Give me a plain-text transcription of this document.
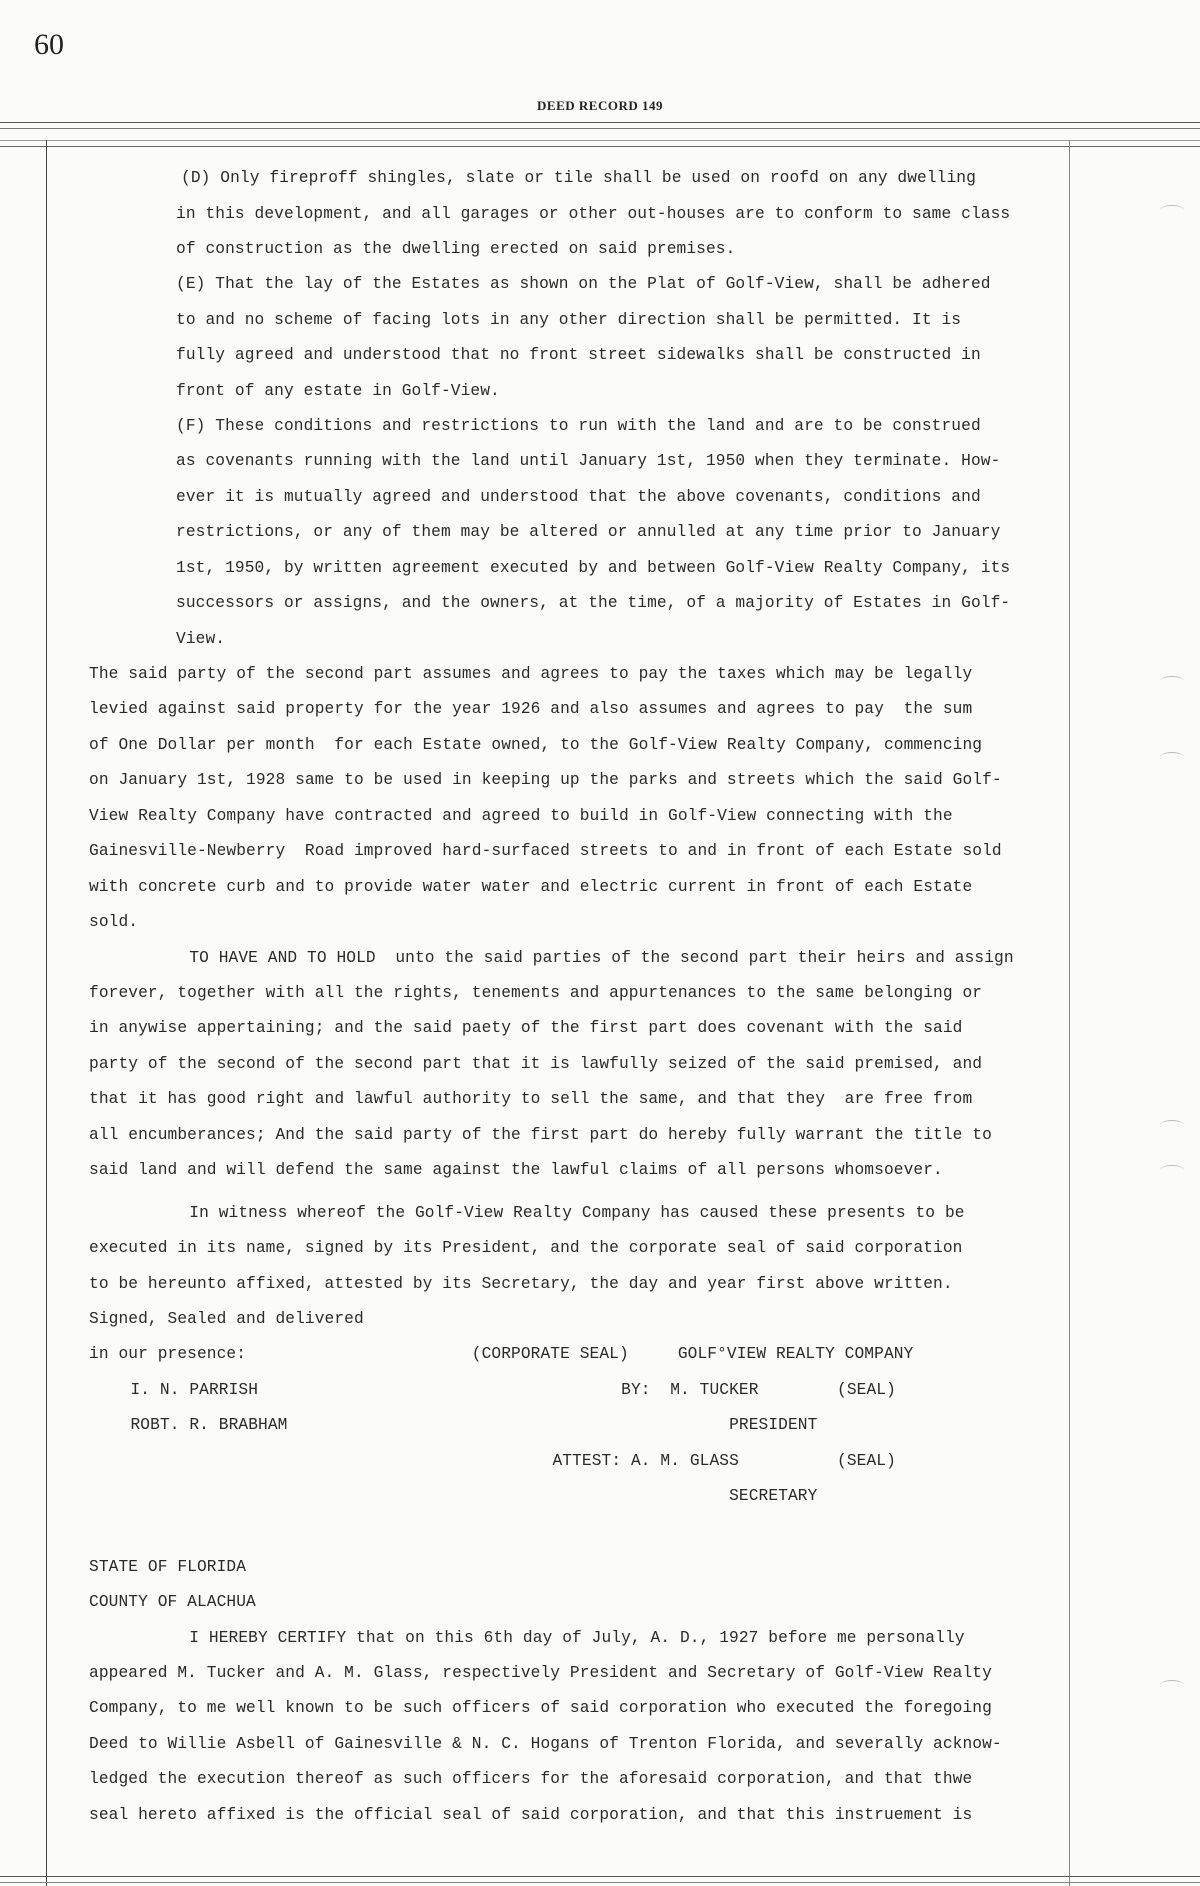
60
DEED RECORD 149
(D) Only fireproff shingles, slate or tile shall be used on roofd on any dwelling
in this development, and all garages or other out-houses are to conform to same class
of construction as the dwelling erected on said premises.
(E) That the lay of the Estates as shown on the Plat of Golf-View, shall be adhered
to and no scheme of facing lots in any other direction shall be permitted. It is
fully agreed and understood that no front street sidewalks shall be constructed in
front of any estate in Golf-View.
(F) These conditions and restrictions to run with the land and are to be construed
as covenants running with the land until January 1st, 1950 when they terminate. How-
ever it is mutually agreed and understood that the above covenants, conditions and
restrictions, or any of them may be altered or annulled at any time prior to January
1st, 1950, by written agreement executed by and between Golf-View Realty Company, its
successors or assigns, and the owners, at the time, of a majority of Estates in Golf-
View.
The said party of the second part assumes and agrees to pay the taxes which may be legally
levied against said property for the year 1926 and also assumes and agrees to pay  the sum
of One Dollar per month  for each Estate owned, to the Golf-View Realty Company, commencing
on January 1st, 1928 same to be used in keeping up the parks and streets which the said Golf-
View Realty Company have contracted and agreed to build in Golf-View connecting with the
Gainesville-Newberry  Road improved hard-surfaced streets to and in front of each Estate sold
with concrete curb and to provide water water and electric current in front of each Estate
sold.
TO HAVE AND TO HOLD  unto the said parties of the second part their heirs and assign
forever, together with all the rights, tenements and appurtenances to the same belonging or
in anywise appertaining; and the said paety of the first part does covenant with the said
party of the second of the second part that it is lawfully seized of the said premised, and
that it has good right and lawful authority to sell the same, and that they  are free from
all encumberances; And the said party of the first part do hereby fully warrant the title to
said land and will defend the same against the lawful claims of all persons whomsoever.
In witness whereof the Golf-View Realty Company has caused these presents to be
executed in its name, signed by its President, and the corporate seal of said corporation
to be hereunto affixed, attested by its Secretary, the day and year first above written.
Signed, Sealed and delivered
in our presence:                       (CORPORATE SEAL)     GOLF°VIEW REALTY COMPANY
I. N. PARRISH                                     BY:  M. TUCKER        (SEAL)
ROBT. R. BRABHAM                                             PRESIDENT
ATTEST: A. M. GLASS          (SEAL)
SECRETARY
STATE OF FLORIDA
COUNTY OF ALACHUA
I HEREBY CERTIFY that on this 6th day of July, A. D., 1927 before me personally
appeared M. Tucker and A. M. Glass, respectively President and Secretary of Golf-View Realty
Company, to me well known to be such officers of said corporation who executed the foregoing
Deed to Willie Asbell of Gainesville & N. C. Hogans of Trenton Florida, and severally acknow-
ledged the execution thereof as such officers for the aforesaid corporation, and that thwe
seal hereto affixed is the official seal of said corporation, and that this instruement is
